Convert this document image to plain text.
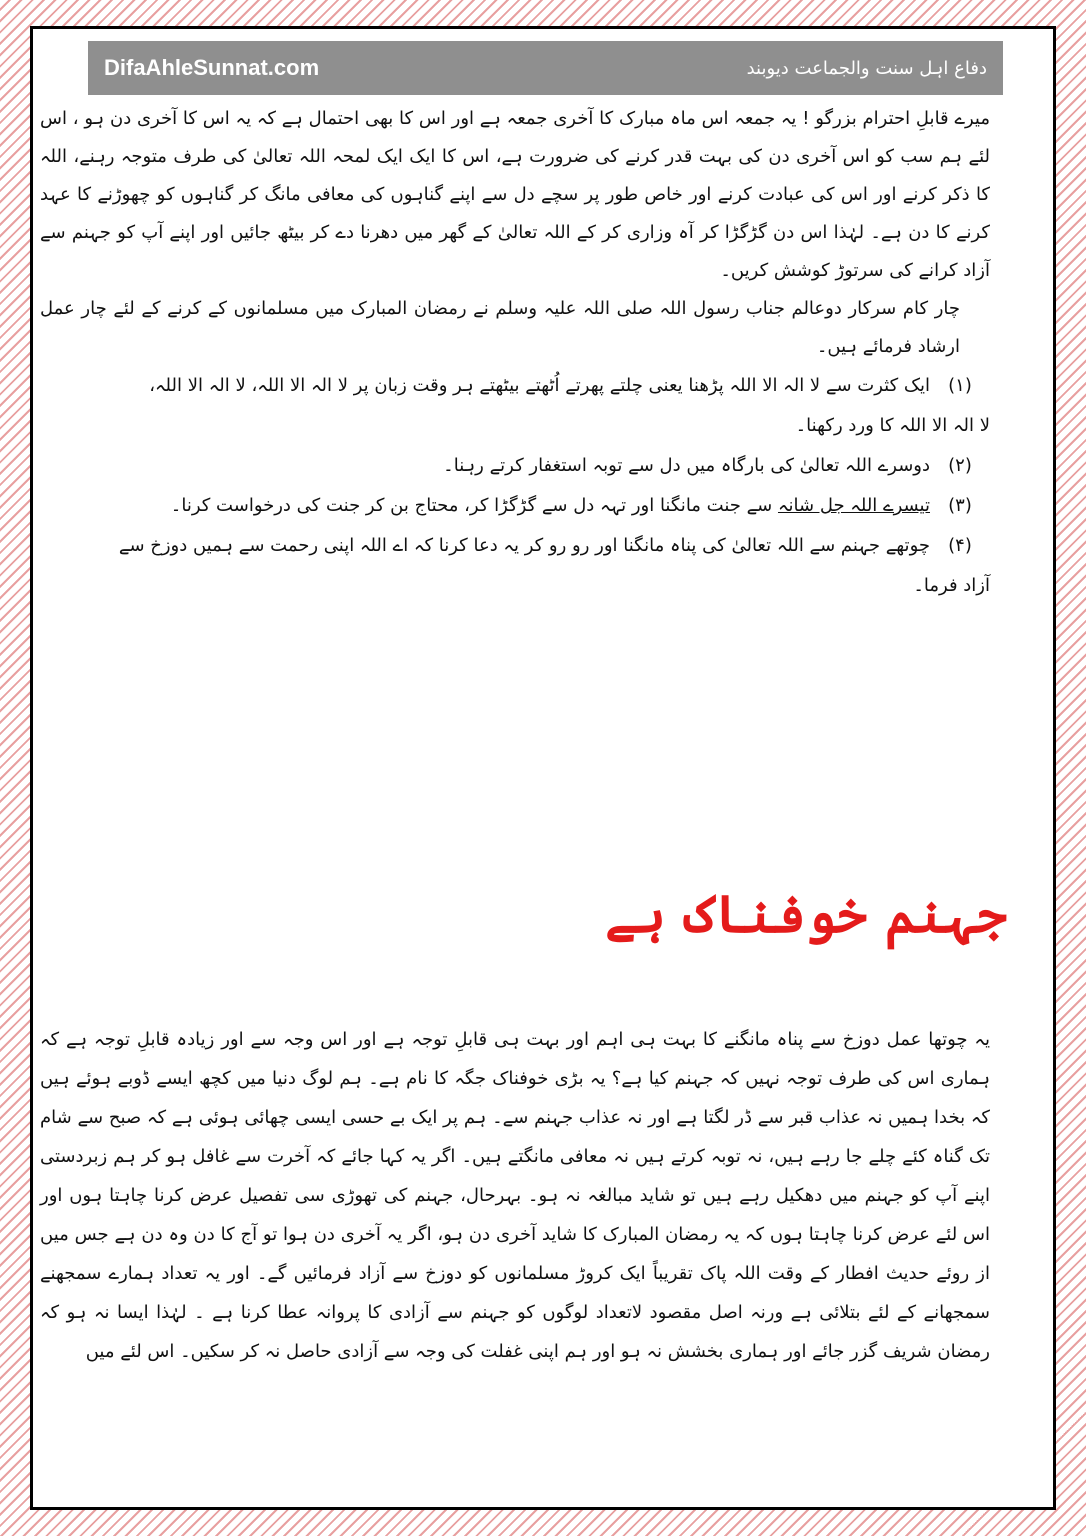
DifaAhleSunnat.com	دفاع اہل سنت والجماعت دیوبند

میرے قابلِ احترام بزرگو ! یہ جمعہ اس ماہ مبارک کا آخری جمعہ ہے اور اس کا بھی احتمال ہے کہ یہ اس کا آخری دن ہو ، اس لئے ہم سب کو اس آخری دن کی بہت قدر کرنے کی ضرورت ہے، اس کا ایک ایک لمحہ اللہ تعالیٰ کی طرف متوجہ رہنے، اللہ کا ذکر کرنے اور اس کی عبادت کرنے اور خاص طور پر سچے دل سے اپنے گناہوں کی معافی مانگ کر گناہوں کو چھوڑنے کا عہد کرنے کا دن ہے۔ لہٰذا اس دن گڑگڑا کر آہ وزاری کر کے اللہ تعالیٰ کے گھر میں دھرنا دے کر بیٹھ جائیں اور اپنے آپ کو جہنم سے آزاد کرانے کی سرتوڑ کوشش کریں۔

چار کام سرکار دوعالم جناب رسول اللہ صلی اللہ علیہ وسلم نے رمضان المبارک میں مسلمانوں کے کرنے کے لئے چار عمل ارشاد فرمائے ہیں۔

(۱)
ایک کثرت سے لا الہ الا اللہ پڑھنا یعنی چلتے پھرتے اُٹھتے بیٹھتے ہر وقت زبان پر لا الہ الا اللہ، لا الہ الا اللہ،

لا الہ الا اللہ کا ورد رکھنا۔

(۲)
دوسرے اللہ تعالیٰ کی بارگاہ میں دل سے توبہ استغفار کرتے رہنا۔
(۳)
تیسرے اللہ جل شانہ سے جنت مانگنا اور تہہ دل سے گڑگڑا کر، محتاج بن کر جنت کی درخواست کرنا۔
(۴)
چوتھے جہنم سے اللہ تعالیٰ کی پناہ مانگنا اور رو رو کر یہ دعا کرنا کہ اے اللہ اپنی رحمت سے ہمیں دوزخ سے

آزاد فرما۔

جہنم خوفناک ہے

یہ چوتھا عمل دوزخ سے پناہ مانگنے کا بہت ہی اہم اور بہت ہی قابلِ توجہ ہے اور اس وجہ سے اور زیادہ قابلِ توجہ ہے کہ ہماری اس کی طرف توجہ نہیں کہ جہنم کیا ہے؟ یہ بڑی خوفناک جگہ کا نام ہے۔ ہم لوگ دنیا میں کچھ ایسے ڈوبے ہوئے ہیں کہ بخدا ہمیں نہ عذاب قبر سے ڈر لگتا ہے اور نہ عذاب جہنم سے۔ ہم پر ایک بے حسی ایسی چھائی ہوئی ہے کہ صبح سے شام تک گناہ کئے چلے جا رہے ہیں، نہ توبہ کرتے ہیں نہ معافی مانگتے ہیں۔ اگر یہ کہا جائے کہ آخرت سے غافل ہو کر ہم زبردستی اپنے آپ کو جہنم میں دھکیل رہے ہیں تو شاید مبالغہ نہ ہو۔ بہرحال، جہنم کی تھوڑی سی تفصیل عرض کرنا چاہتا ہوں اور اس لئے عرض کرنا چاہتا ہوں کہ یہ رمضان المبارک کا شاید آخری دن ہو، اگر یہ آخری دن ہوا تو آج کا دن وہ دن ہے جس میں از روئے حدیث افطار کے وقت اللہ پاک تقریباً ایک کروڑ مسلمانوں کو دوزخ سے آزاد فرمائیں گے۔ اور یہ تعداد ہمارے سمجھنے سمجھانے کے لئے بتلائی ہے ورنہ اصل مقصود لاتعداد لوگوں کو جہنم سے آزادی کا پروانہ عطا کرنا ہے ۔ لہٰذا ایسا نہ ہو کہ رمضان شریف گزر جائے اور ہماری بخشش نہ ہو اور ہم اپنی غفلت کی وجہ سے آزادی حاصل نہ کر سکیں۔ اس لئے میں
